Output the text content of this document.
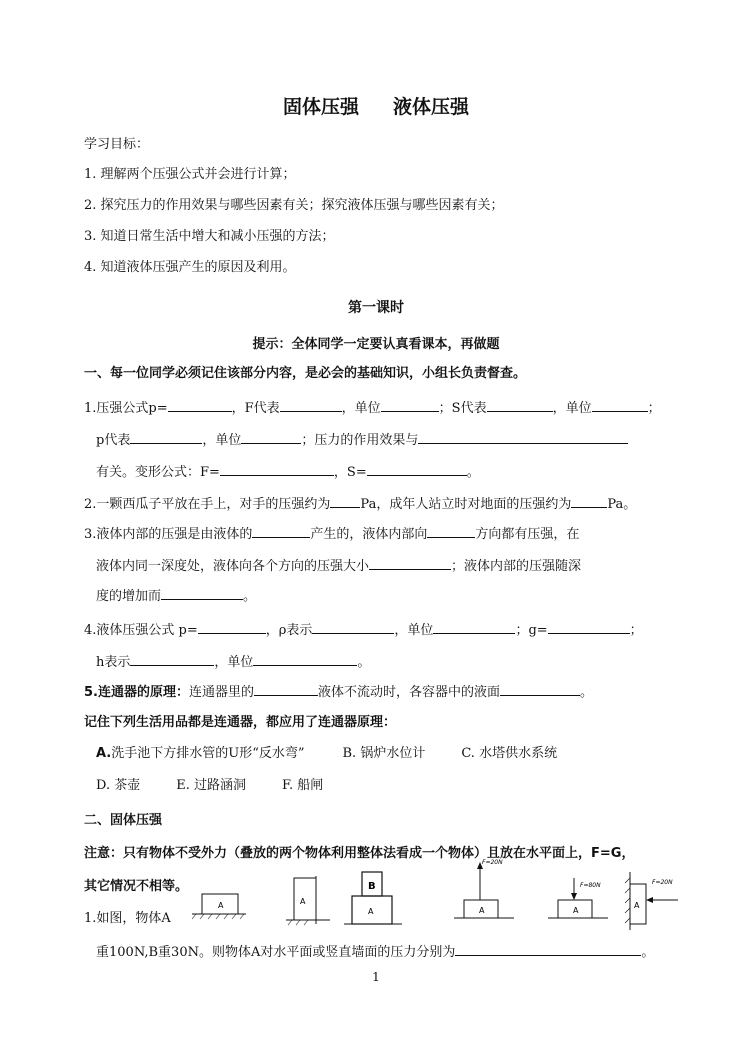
固体压强 液体压强
学习目标：
1. 理解两个压强公式并会进行计算；
2. 探究压力的作用效果与哪些因素有关；探究液体压强与哪些因素有关；
3. 知道日常生活中增大和减小压强的方法；
4. 知道液体压强产生的原因及利用。
第一课时
提示：全体同学一定要认真看课本，再做题
一、每一位同学必须记住该部分内容，是必会的基础知识，小组长负责督查。
1.压强公式p=	，F代表	，单位	；S代表	，单位	；
p代表	，单位	；压力的作用效果与
有关。变形公式：F=	，S=	。
2.一颗西瓜子平放在手上，对手的压强约为 Pa，成年人站立时对地面的压强约为	Pa。
3.液体内部的压强是由液体的	产生的，液体内部向	方向都有压强，在
液体内同一深度处，液体向各个方向的压强大小	；液体内部的压强随深
度的增加而	。
4.液体压强公式 p=	，ρ表示	，单位	；g=	；
h表示	，单位	。
5.连通器的原理：连通器里的	液体不流动时，各容器中的液面	。
记住下列生活用品都是连通器，都应用了连通器原理：
A.洗手池下方排水管的U形“反水弯”	B. 锅炉水位计	C. 水塔供水系统
D. 茶壶	E. 过路涵洞	F. 船闸
二、固体压强
注意：只有物体不受外力（叠放的两个物体利用整体法看成一个物体）且放在水平面上，F=G，
其它情况不相等。
1.如图，物体A
重100N,B重30N。则物体A对水平面或竖直墙面的压力分别为	。
A	A
B
A
F=20N
A
F=80N
A
A
F=20N
1
